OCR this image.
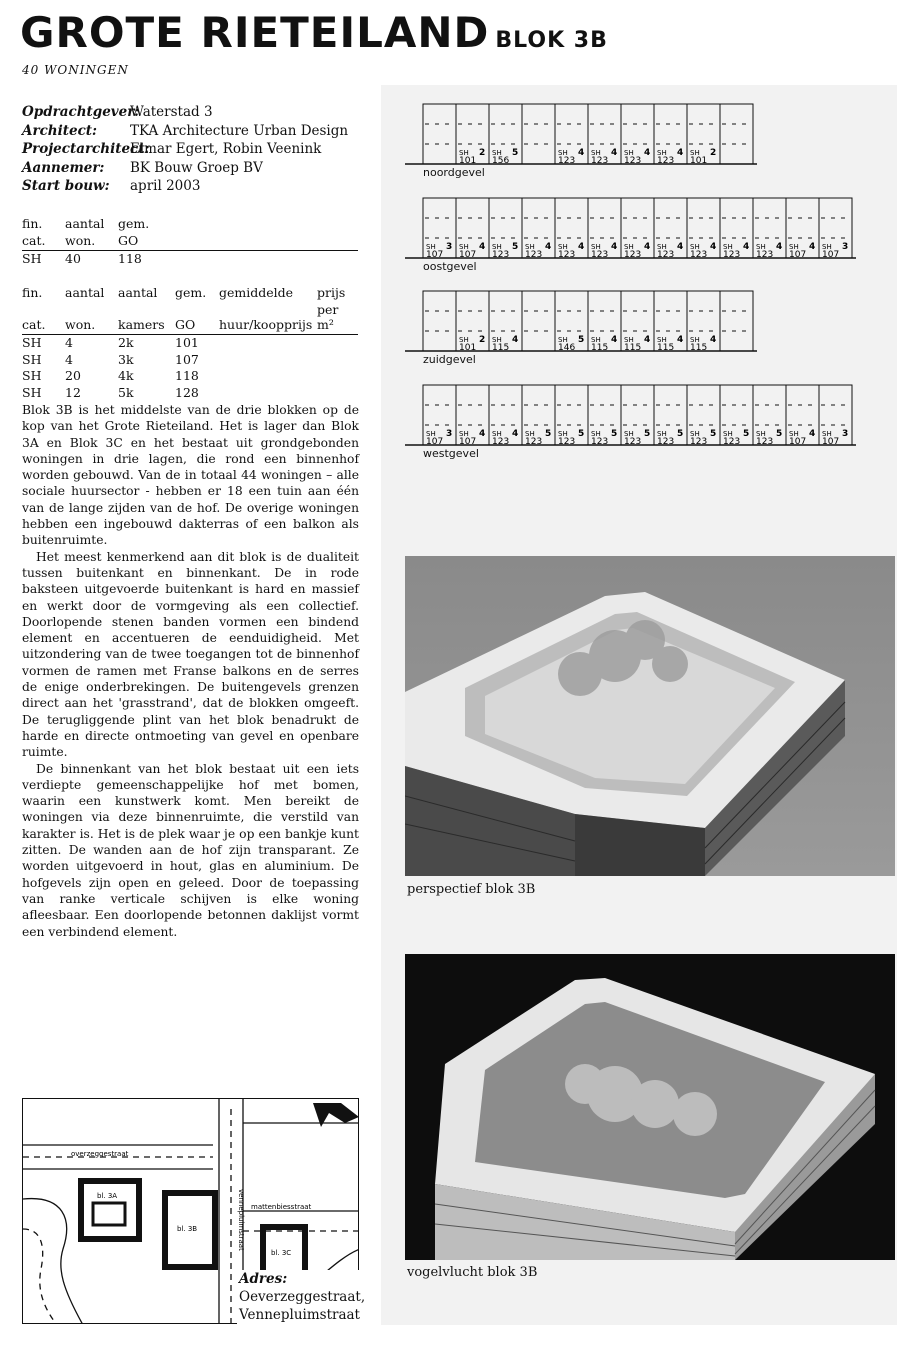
GROTE RIETEILAND BLOK 3B
40 WONINGEN
Opdrachtgever:
Waterstad 3
Architect:	TKA Architecture Urban Design
Projectarchitect:
Elmar Egert, Robin Veenink
Aannemer:	BK Bouw Groep BV
Start bouw:	april 2003
fin.	aantal	gem.
cat.	won.	GO
SH	40	118
fin.	aantal	aantal	gem.	gemiddelde	prijs
cat.	won.	kamers	GO	huur/koopprijs	per m²
SH	4	2k	101		
SH	4	3k	107		
SH	20	4k	118		
SH	12	5k	128		

Blok 3B is het middelste van de drie blokken op de kop van het Grote Rieteiland. Het is lager dan Blok 3A en Blok 3C en het bestaat uit grondgebonden woningen in drie lagen, die rond een binnenhof worden gebouwd. Van de in totaal 44 woningen – alle sociale huursector - hebben er 18 een tuin aan één van de lange zijden van de hof. De overige woningen hebben een ingebouwd dakterras of een balkon als buitenruimte.

Het meest kenmerkend aan dit blok is de dualiteit tussen buitenkant en binnenkant. De in rode baksteen uitgevoerde buitenkant is hard en massief en werkt door de vormgeving als een collectief. Doorlopende stenen banden vormen een bindend element en accentueren de eenduidigheid. Met uitzondering van de twee toegangen tot de binnenhof vormen de ramen met Franse balkons en de serres de enige onderbrekingen. De buitengevels grenzen direct aan het 'grasstrand', dat de blokken omgeeft. De terugliggende plint van het blok benadrukt de harde en directe ontmoeting van gevel en openbare ruimte.

De binnenkant van het blok bestaat uit een iets verdiepte gemeenschappelijke hof met bomen, waarin een kunstwerk komt. Men bereikt de woningen via deze binnenruimte, die verstild van karakter is. Het is de plek waar je op een bankje kunt zitten. De wanden aan de hof zijn transparant. Ze worden uitgevoerd in hout, glas en aluminium. De hofgevels zijn open en geleed. Door de toepassing van ranke verticale schijven is elke woning afleesbaar. Een doorlopende betonnen daklijst vormt een verbindend element.

SH 2
101
SH 5
156
SH 4
123
SH 4
123
SH 4
123
SH 4
123
SH 2
101
noordgevel
SH 3
107
SH 4
107
SH 5
123
SH 4
123
SH 4
123
SH 4
123
SH 4
123
SH 4
123
SH 4
123
SH 4
123
SH 4
123
SH 4
107
SH 3
107
oostgevel
SH 2
101
SH 4
115
SH 5
146
SH 4
115
SH 4
115
SH 4
115
SH 4
115
zuidgevel
SH 3
107
SH 4
107
SH 4
123
SH 5
123
SH 5
123
SH 5
123
SH 5
123
SH 5
123
SH 5
123
SH 5
123
SH 5
123
SH 4
107
SH 3
107
westgevel
perspectief blok 3B
vogelvlucht blok 3B
overzeggestraat
mattenbiesstraat
vennepluimstraat
bl. 3A
bl. 3B
bl. 3C
Adres:
Oeverzeggestraat,
Vennepluimstraat
